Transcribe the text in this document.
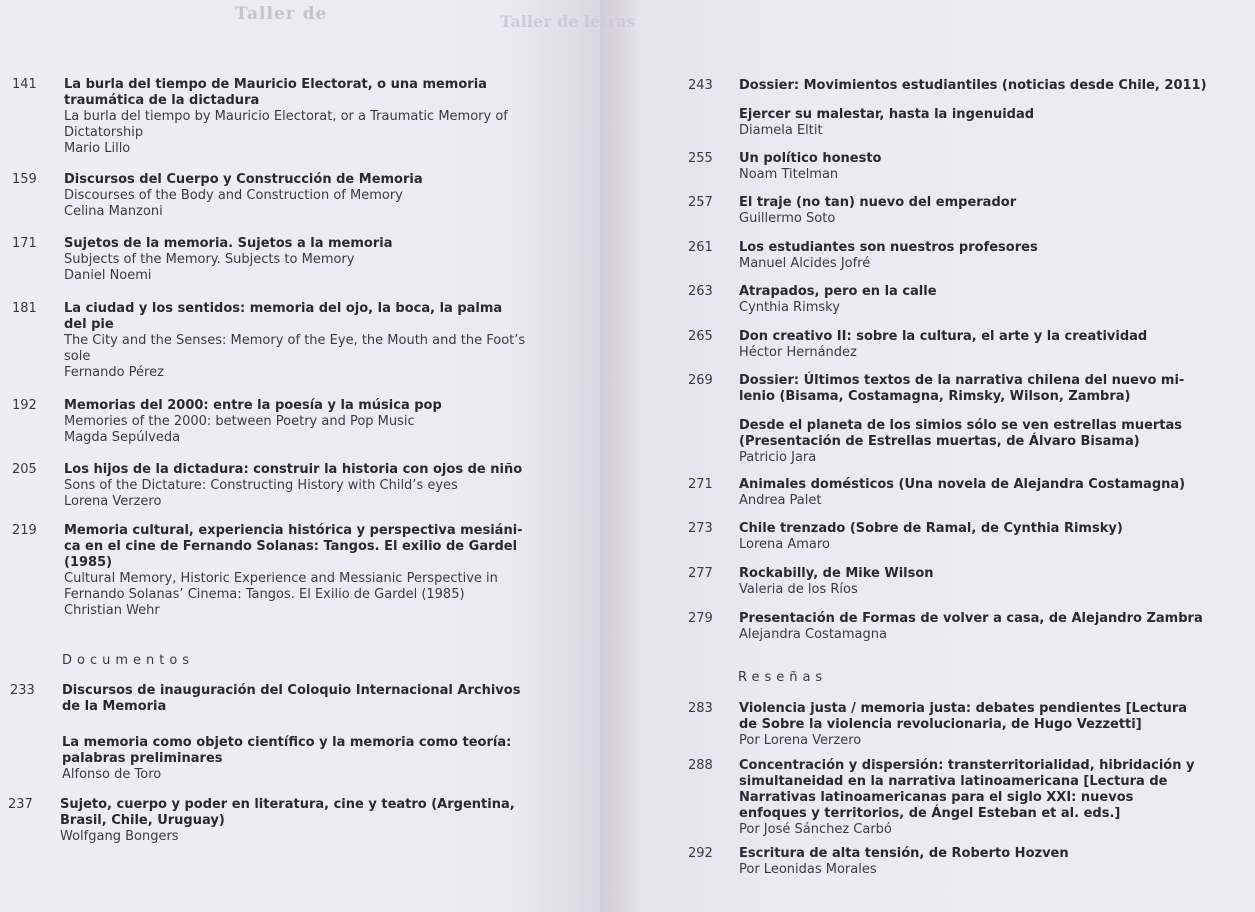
Taller de
141	La burla del tiempo de Mauricio Electorat, o una memoria traumática de la dictadura
La burla del tiempo by Mauricio Electorat, or a Traumatic Memory of Dictatorship
Mario Lillo
159	Discursos del Cuerpo y Construcción de Memoria
Discourses of the Body and Construction of Memory
Celina Manzoni
171	Sujetos de la memoria. Sujetos a la memoria
Subjects of the Memory. Subjects to Memory
Daniel Noemi
181	La ciudad y los sentidos: memoria del ojo, la boca, la palma del pie
The City and the Senses: Memory of the Eye, the Mouth and the Foot’s sole
Fernando Pérez
192	Memorias del 2000: entre la poesía y la música pop
Memories of the 2000: between Poetry and Pop Music
Magda Sepúlveda
205	Los hijos de la dictadura: construir la historia con ojos de niño
Sons of the Dictature: Constructing History with Child’s eyes
Lorena Verzero
219	Memoria cultural, experiencia histórica y perspectiva mesiáni-ca en el cine de Fernando Solanas: Tangos. El exilio de Gardel (1985)
Cultural Memory, Historic Experience and Messianic Perspective in Fernando Solanas’ Cinema: Tangos. El Exilio de Gardel (1985)
Christian Wehr
Documentos
233	Discursos de inauguración del Coloquio Internacional Archivos de la Memoria
La memoria como objeto científico y la memoria como teoría: palabras preliminares
Alfonso de Toro
237	Sujeto, cuerpo y poder en literatura, cine y teatro (Argentina, Brasil, Chile, Uruguay)
Wolfgang Bongers
Taller de letras
243	Dossier: Movimientos estudiantiles (noticias desde Chile, 2011)
Ejercer su malestar, hasta la ingenuidad
Diamela Eltit
255	Un político honesto
Noam Titelman
257	El traje (no tan) nuevo del emperador
Guillermo Soto
261	Los estudiantes son nuestros profesores
Manuel Alcides Jofré
263	Atrapados, pero en la calle
Cynthia Rimsky
265	Don creativo II: sobre la cultura, el arte y la creatividad
Héctor Hernández
269	Dossier: Últimos textos de la narrativa chilena del nuevo mi-lenio (Bisama, Costamagna, Rimsky, Wilson, Zambra)
Desde el planeta de los simios sólo se ven estrellas muertas (Presentación de Estrellas muertas, de Álvaro Bisama)
Patricio Jara
271	Animales domésticos (Una novela de Alejandra Costamagna)
Andrea Palet
273	Chile trenzado (Sobre de Ramal, de Cynthia Rimsky)
Lorena Amaro
277	Rockabilly, de Mike Wilson
Valeria de los Ríos
279	Presentación de Formas de volver a casa, de Alejandro Zambra
Alejandra Costamagna
Reseñas
283	Violencia justa / memoria justa: debates pendientes [Lectura de Sobre la violencia revolucionaria, de Hugo Vezzetti]
Por Lorena Verzero
288	Concentración y dispersión: transterritorialidad, hibridación y simultaneidad en la narrativa latinoamericana [Lectura de Narrativas latinoamericanas para el siglo XXI: nuevos enfoques y territorios, de Ángel Esteban et al. eds.]
Por José Sánchez Carbó
292	Escritura de alta tensión, de Roberto Hozven
Por Leonidas Morales
